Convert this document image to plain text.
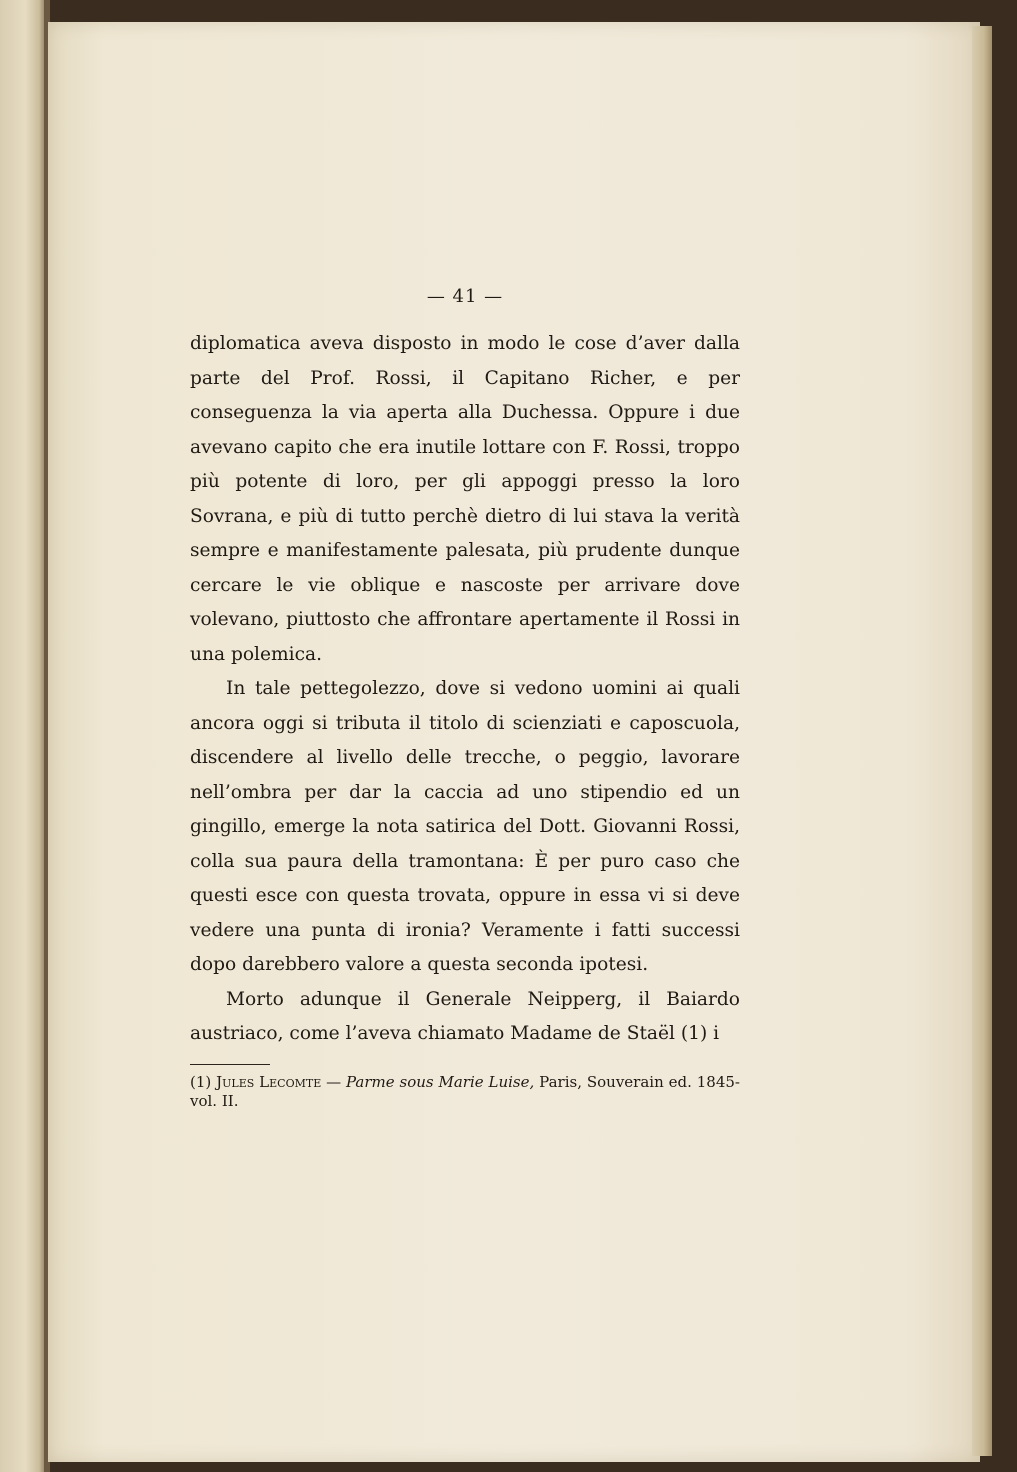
— 41 —

diplomatica aveva disposto in modo le cose d’aver dalla parte del Prof. Rossi, il Capitano Richer, e per conseguenza la via aperta alla Duchessa. Oppure i due avevano capito che era inutile lottare con F. Rossi, troppo più potente di loro, per gli appoggi presso la loro Sovrana, e più di tutto perchè dietro di lui stava la verità sempre e manifestamente palesata, più prudente dunque cercare le vie oblique e nascoste per arrivare dove volevano, piuttosto che affrontare apertamente il Rossi in una polemica.

In tale pettegolezzo, dove si vedono uomini ai quali ancora oggi si tributa il titolo di scienziati e caposcuola, discendere al livello delle trecche, o peggio, lavorare nell’ombra per dar la caccia ad uno stipendio ed un gingillo, emerge la nota satirica del Dott. Giovanni Rossi, colla sua paura della tramontana: È per puro caso che questi esce con questa trovata, oppure in essa vi si deve vedere una punta di ironia? Veramente i fatti successi dopo darebbero valore a questa seconda ipotesi.

Morto adunque il Generale Neipperg, il Baiardo austriaco, come l’aveva chiamato Madame de Staël (1) i

(1) Jules Lecomte — Parme sous Marie Luise, Paris, Souverain ed. 1845-vol. II.
